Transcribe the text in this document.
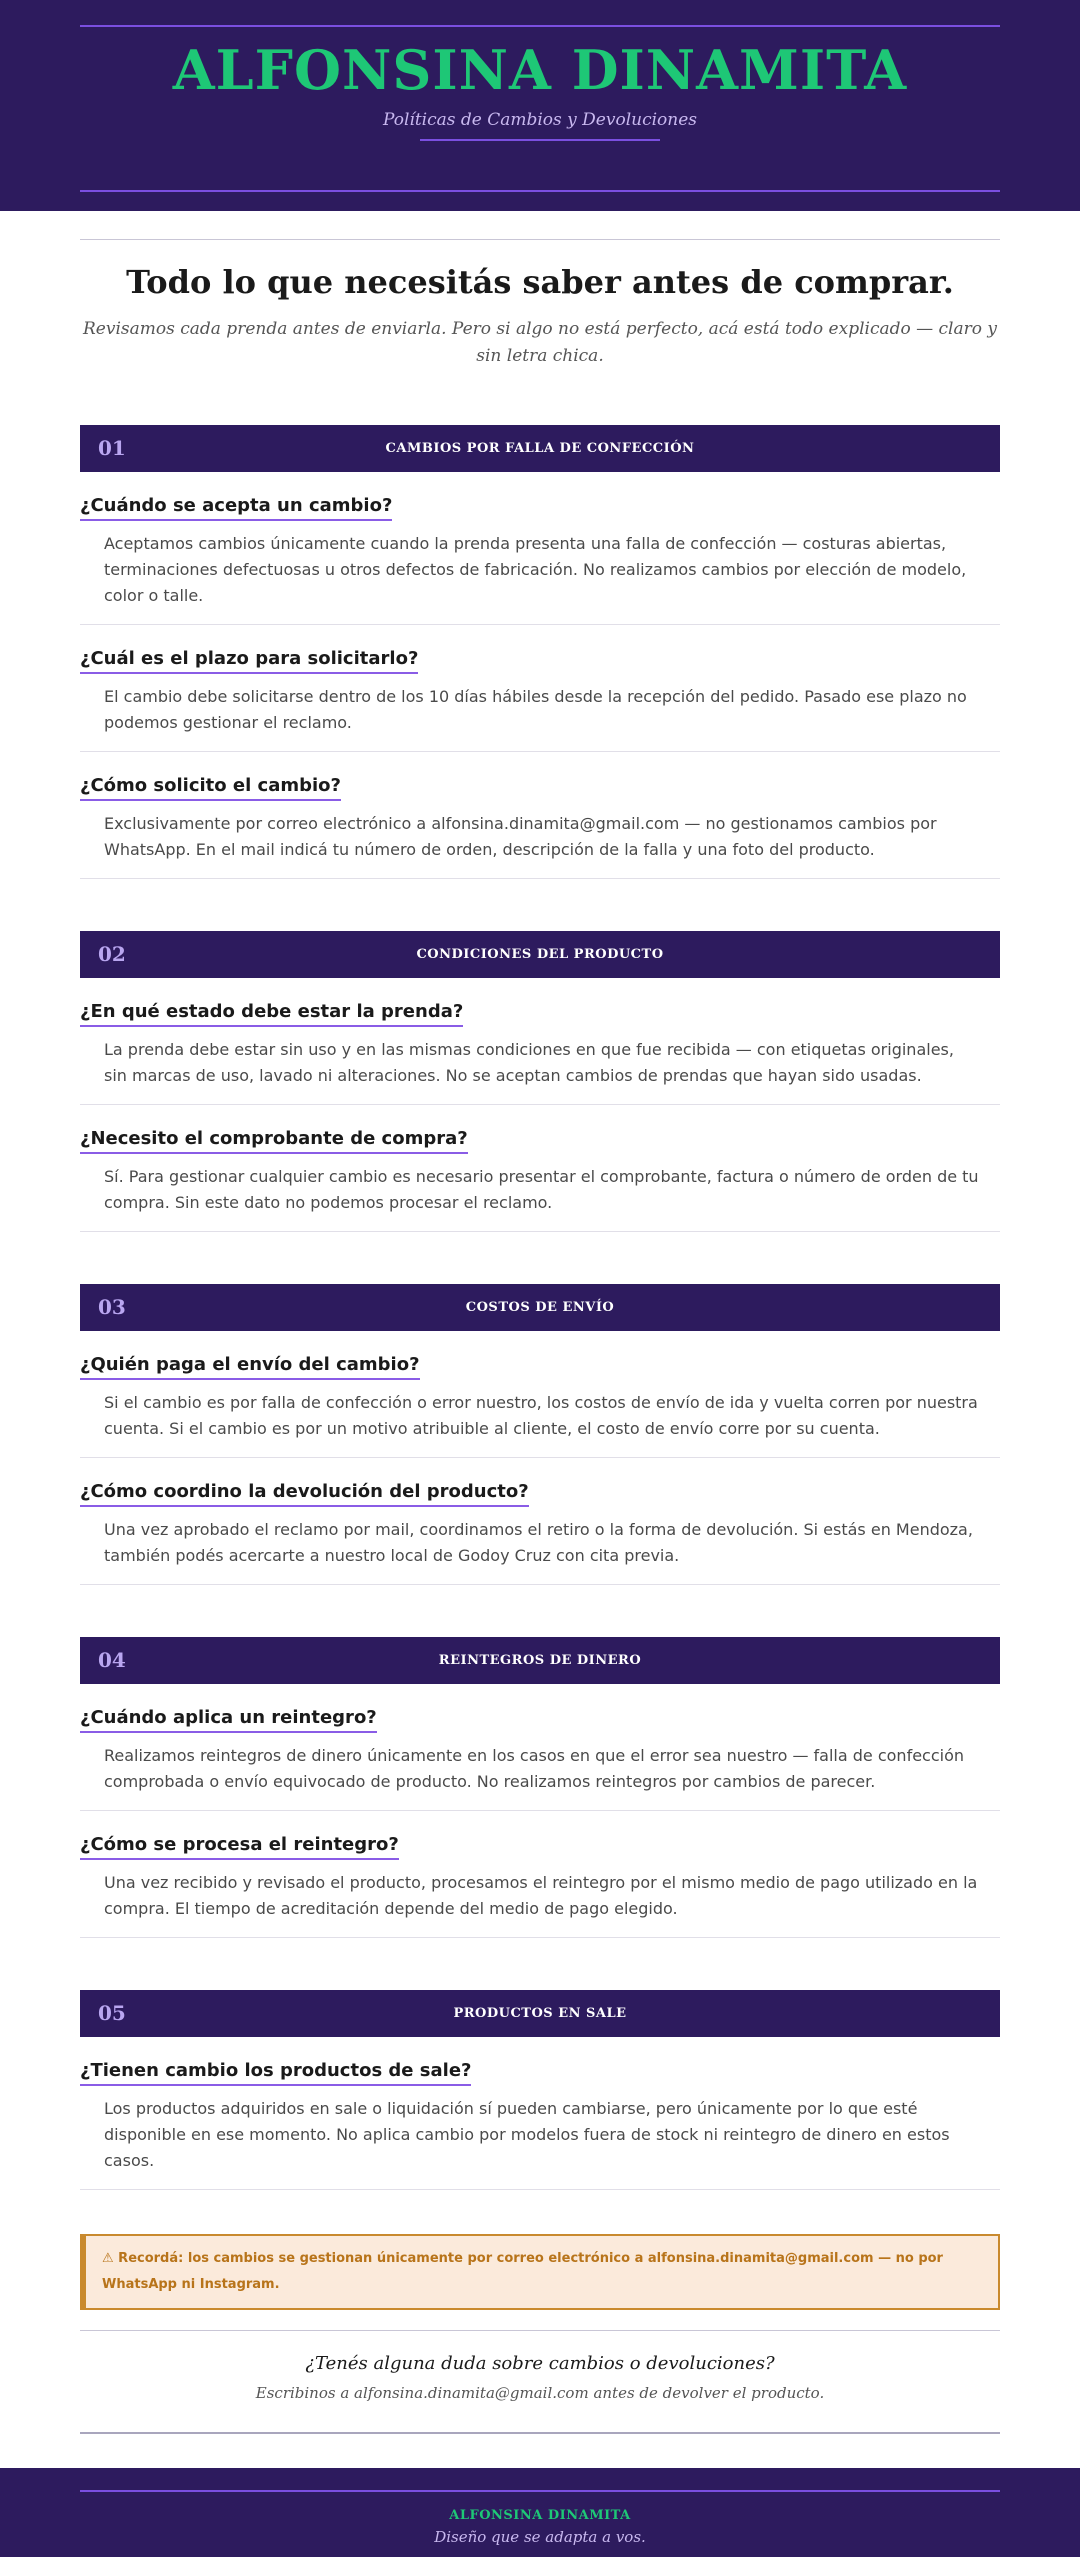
ALFONSINA DINAMITA
Políticas de Cambios y Devoluciones
Todo lo que necesitás saber antes de comprar.

Revisamos cada prenda antes de enviarla. Pero si algo no está perfecto, acá está todo explicado — claro y sin letra chica.

01	CAMBIOS POR FALLA DE CONFECCIÓN
¿Cuándo se acepta un cambio?

Aceptamos cambios únicamente cuando la prenda presenta una falla de confección — costuras abiertas, terminaciones defectuosas u otros defectos de fabricación. No realizamos cambios por elección de modelo, color o talle.

¿Cuál es el plazo para solicitarlo?

El cambio debe solicitarse dentro de los 10 días hábiles desde la recepción del pedido. Pasado ese plazo no podemos gestionar el reclamo.

¿Cómo solicito el cambio?

Exclusivamente por correo electrónico a alfonsina.dinamita@gmail.com — no gestionamos cambios por WhatsApp. En el mail indicá tu número de orden, descripción de la falla y una foto del producto.

02	CONDICIONES DEL PRODUCTO
¿En qué estado debe estar la prenda?

La prenda debe estar sin uso y en las mismas condiciones en que fue recibida — con etiquetas originales, sin marcas de uso, lavado ni alteraciones. No se aceptan cambios de prendas que hayan sido usadas.

¿Necesito el comprobante de compra?

Sí. Para gestionar cualquier cambio es necesario presentar el comprobante, factura o número de orden de tu compra. Sin este dato no podemos procesar el reclamo.

03	COSTOS DE ENVÍO
¿Quién paga el envío del cambio?

Si el cambio es por falla de confección o error nuestro, los costos de envío de ida y vuelta corren por nuestra cuenta. Si el cambio es por un motivo atribuible al cliente, el costo de envío corre por su cuenta.

¿Cómo coordino la devolución del producto?

Una vez aprobado el reclamo por mail, coordinamos el retiro o la forma de devolución. Si estás en Mendoza, también podés acercarte a nuestro local de Godoy Cruz con cita previa.

04	REINTEGROS DE DINERO
¿Cuándo aplica un reintegro?

Realizamos reintegros de dinero únicamente en los casos en que el error sea nuestro — falla de confección comprobada o envío equivocado de producto. No realizamos reintegros por cambios de parecer.

¿Cómo se procesa el reintegro?

Una vez recibido y revisado el producto, procesamos el reintegro por el mismo medio de pago utilizado en la compra. El tiempo de acreditación depende del medio de pago elegido.

05	PRODUCTOS EN SALE
¿Tienen cambio los productos de sale?

Los productos adquiridos en sale o liquidación sí pueden cambiarse, pero únicamente por lo que esté disponible en ese momento. No aplica cambio por modelos fuera de stock ni reintegro de dinero en estos casos.

⚠ Recordá: los cambios se gestionan únicamente por correo electrónico a alfonsina.dinamita@gmail.com — no por WhatsApp ni Instagram.
¿Tenés alguna duda sobre cambios o devoluciones?
Escribinos a alfonsina.dinamita@gmail.com antes de devolver el producto.
ALFONSINA DINAMITA
Diseño que se adapta a vos.
